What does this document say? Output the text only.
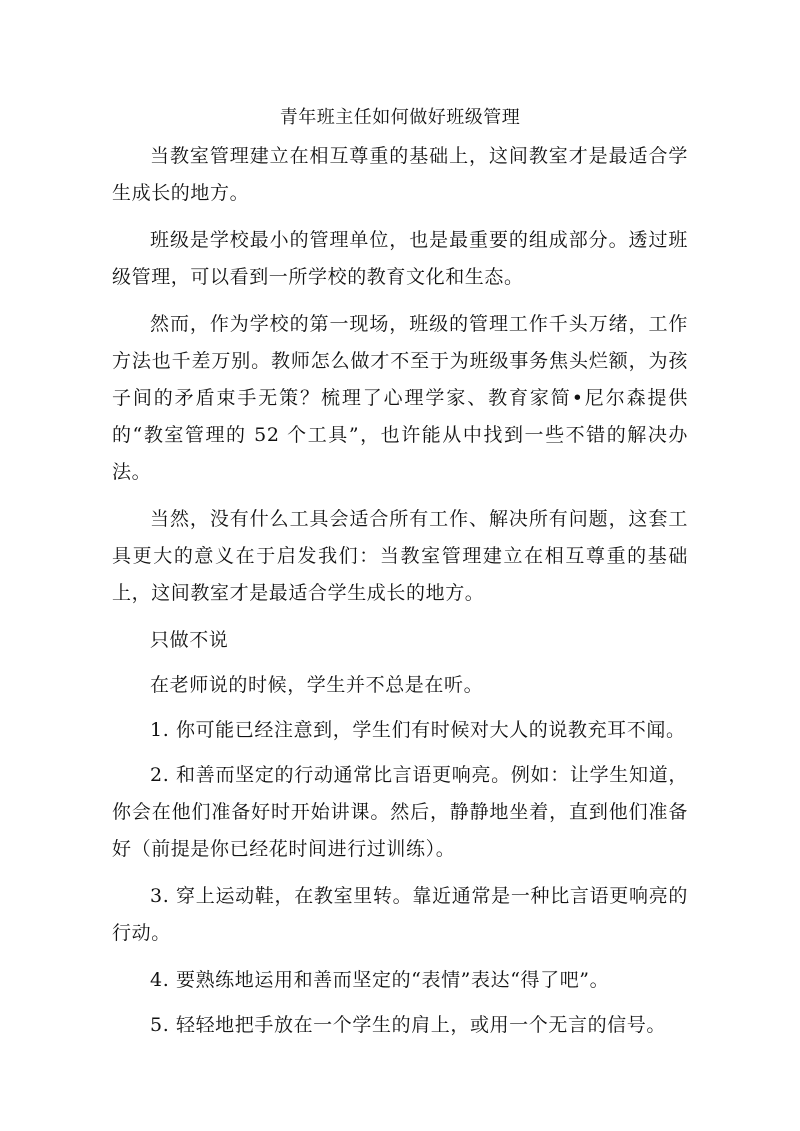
青年班主任如何做好班级管理

当教室管理建立在相互尊重的基础上，这间教室才是最适合学生成长的地方。

班级是学校最小的管理单位，也是最重要的组成部分。透过班级管理，可以看到一所学校的教育文化和生态。

然而，作为学校的第一现场，班级的管理工作千头万绪，工作方法也千差万别。教师怎么做才不至于为班级事务焦头烂额，为孩子间的矛盾束手无策？梳理了心理学家、教育家简•尼尔森提供的“教室管理的 52 个工具”，也许能从中找到一些不错的解决办法。

当然，没有什么工具会适合所有工作、解决所有问题，这套工具更大的意义在于启发我们：当教室管理建立在相互尊重的基础上，这间教室才是最适合学生成长的地方。

只做不说

在老师说的时候，学生并不总是在听。

1. 你可能已经注意到，学生们有时候对大人的说教充耳不闻。

2. 和善而坚定的行动通常比言语更响亮。例如：让学生知道，你会在他们准备好时开始讲课。然后，静静地坐着，直到他们准备好（前提是你已经花时间进行过训练）。

3. 穿上运动鞋，在教室里转。靠近通常是一种比言语更响亮的行动。

4. 要熟练地运用和善而坚定的“表情”表达“得了吧”。

5. 轻轻地把手放在一个学生的肩上，或用一个无言的信号。
